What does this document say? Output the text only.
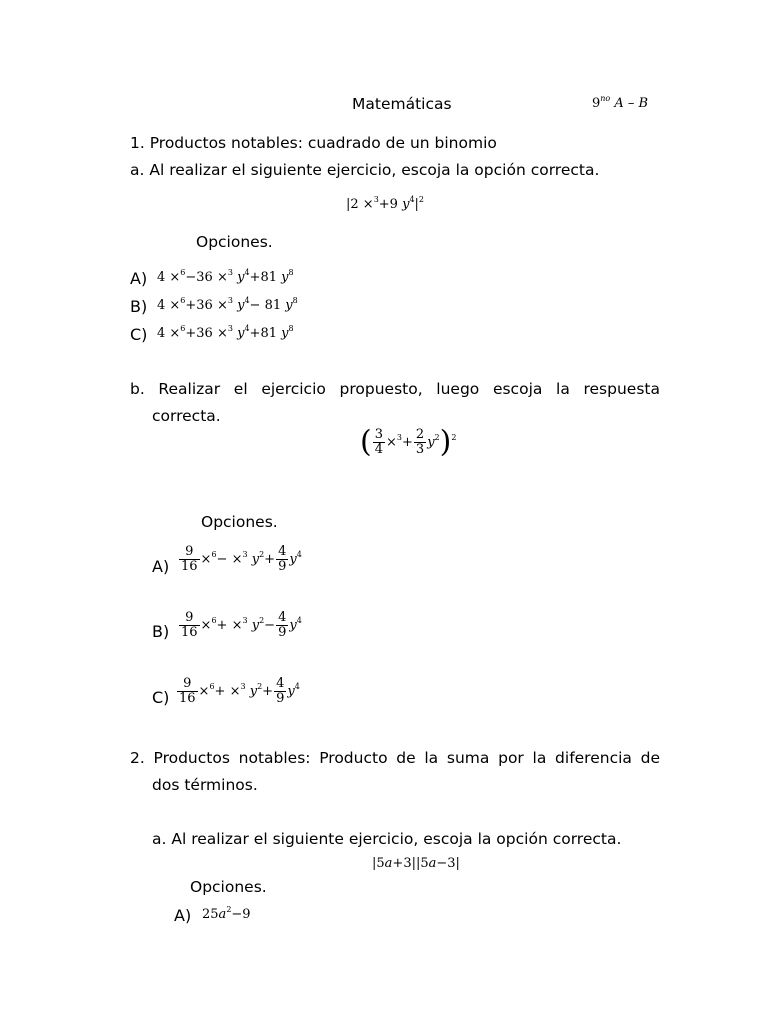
Matemáticas	$9^{no}$ A – B
1. Productos notables: cuadrado de un binomio
a. Al realizar el siguiente ejercicio, escoja la opción correcta.
|2 ×$^3$+9 $y^4|^2$
Opciones.
A) 4 ×$^6$−36 ×$^3$ $y^4+81$ $y^8$
B) 4 ×$^6$+36 ×$^3$ $y^4- 81$ $y^8$
C) 4 ×$^6$+36 ×$^3$ $y^4+81$ $y^8$
b. Realizar el ejercicio propuesto, luego escoja la respuesta
correcta.
( $\frac{3}{4} \times^3+ \frac{2}{3} y^2)^2$
Opciones.
$A) \frac{9}{16} \times^6- \times^3$ $y^2+ \frac{4}{9} y^4$
$B) \frac{9}{16} \times^6+ \times^3$ $y^2- \frac{4}{9} y^4$
$C) \frac{9}{16} \times^6+ \times^3$ $y^2+ \frac{4}{9} y^4$
2. Productos notables: Producto de la suma por la diferencia de
dos términos.
a. Al realizar el siguiente ejercicio, escoja la opción correcta.
|5a+3||5a−3|
Opciones.
A) $25a^2-9$
